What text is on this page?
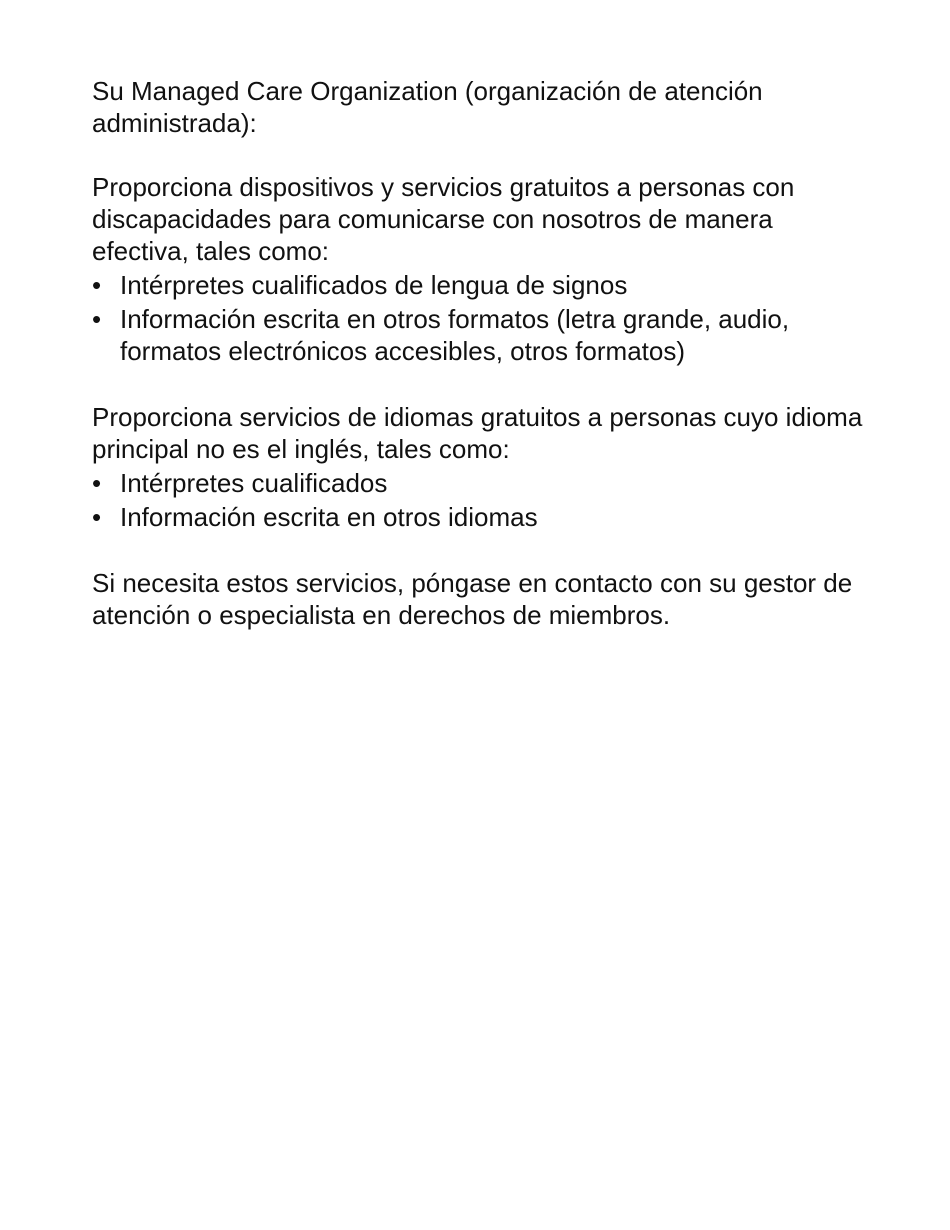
Su Managed Care Organization (organización de atención administrada):

Proporciona dispositivos y servicios gratuitos a personas con discapacidades para comunicarse con nosotros de manera efectiva, tales como:

• Intérpretes cualificados de lengua de signos
• Información escrita en otros formatos (letra grande, audio, formatos electrónicos accesibles, otros formatos)

Proporciona servicios de idiomas gratuitos a personas cuyo idioma principal no es el inglés, tales como:

• Intérpretes cualificados
• Información escrita en otros idiomas

Si necesita estos servicios, póngase en contacto con su gestor de atención o especialista en derechos de miembros.
